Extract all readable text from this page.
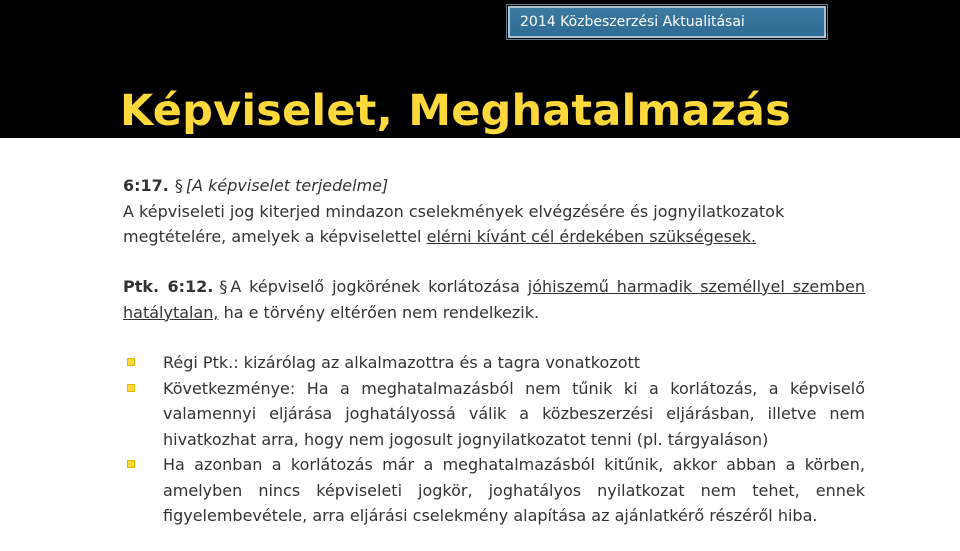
2014 Közbeszerzési Aktualitásai
Képviselet, Meghatalmazás

6:17. § [A képviselet terjedelme]
A képviseleti jog kiterjed mindazon cselekmények elvégzésére és jognyilatkozatok megtételére, amelyek a képviselettel elérni kívánt cél érdekében szükségesek.

Ptk. 6:12. § A képviselő jogkörének korlátozása jóhiszemű harmadik személlyel szemben hatálytalan, ha e törvény eltérően nem rendelkezik.

Régi Ptk.: kizárólag az alkalmazottra és a tagra vonatkozott
Következménye: Ha a meghatalmazásból nem tűnik ki a korlátozás, a képviselő valamennyi eljárása joghatályossá válik a közbeszerzési eljárásban, illetve nem hivatkozhat arra, hogy nem jogosult jognyilatkozatot tenni (pl. tárgyaláson)
Ha azonban a korlátozás már a meghatalmazásból kitűnik, akkor abban a körben, amelyben nincs képviseleti jogkör, joghatályos nyilatkozat nem tehet, ennek figyelembevétele, arra eljárási cselekmény alapítása az ajánlatkérő részéről hiba.
